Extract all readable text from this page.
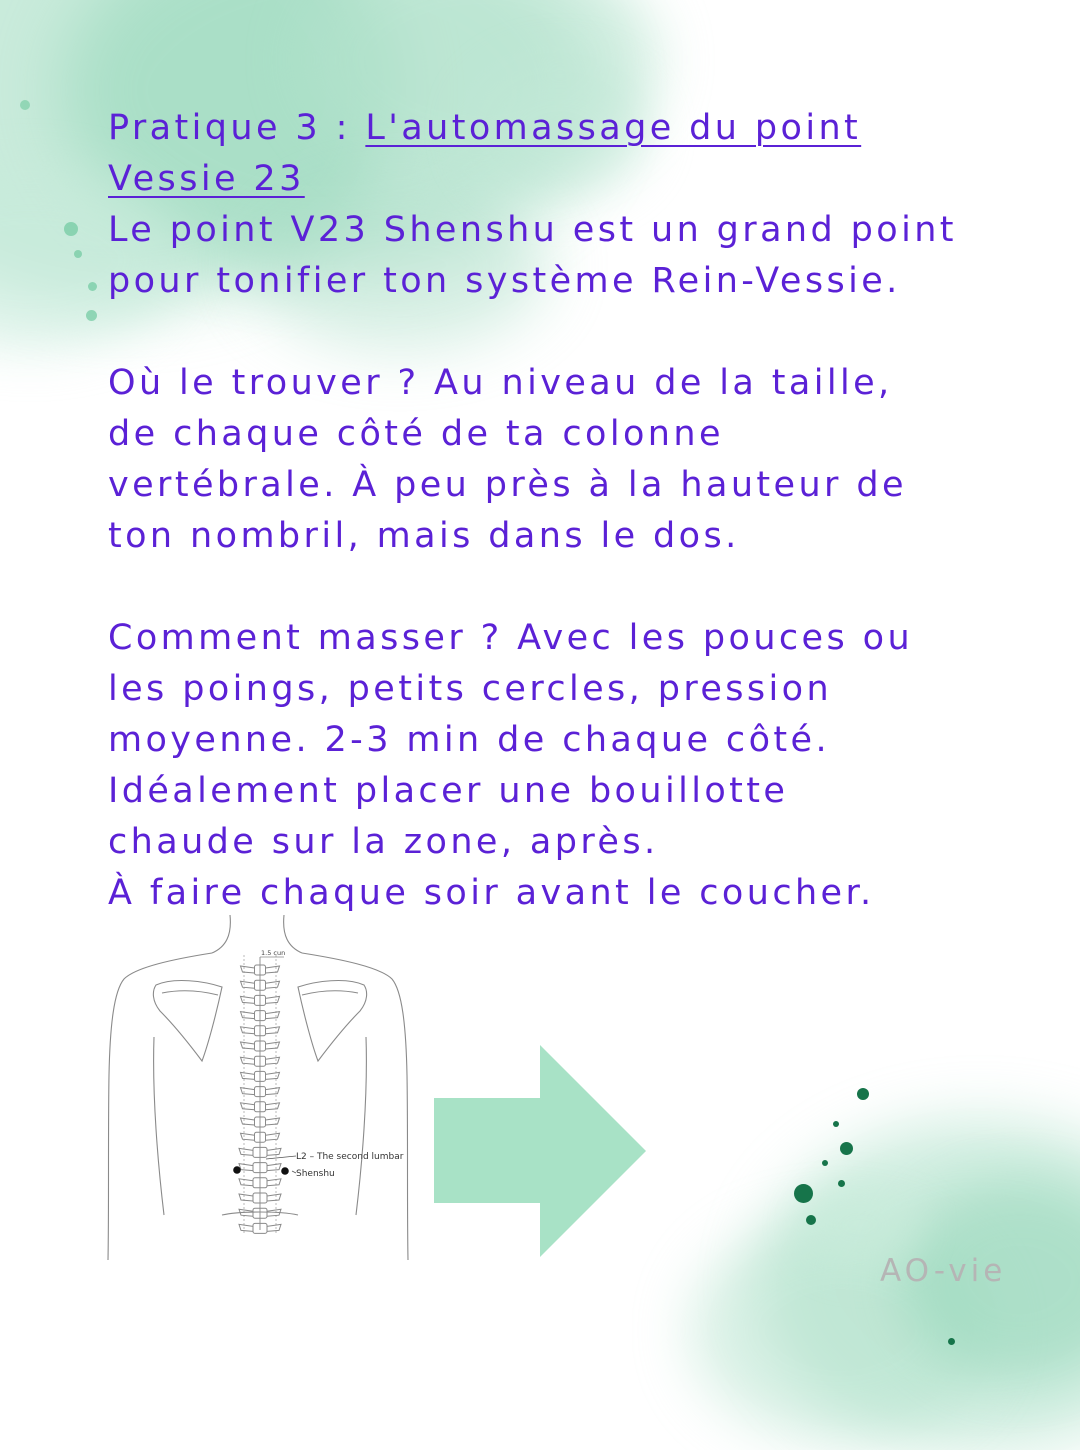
Pratique 3 : L'automassage du point

Vessie 23

Le point V23 Shenshu est un grand point

pour tonifier ton système Rein-Vessie.

Où le trouver ? Au niveau de la taille,

de chaque côté de ta colonne

vertébrale. À peu près à la hauteur de

ton nombril, mais dans le dos.

Comment masser ? Avec les pouces ou

les poings, petits cercles, pression

moyenne. 2-3 min de chaque côté.

Idéalement placer une bouillotte

chaude sur la zone, après.

À faire chaque soir avant le coucher.

1.5 cun
L2 – The second lumbar
Shenshu
AO-vie
